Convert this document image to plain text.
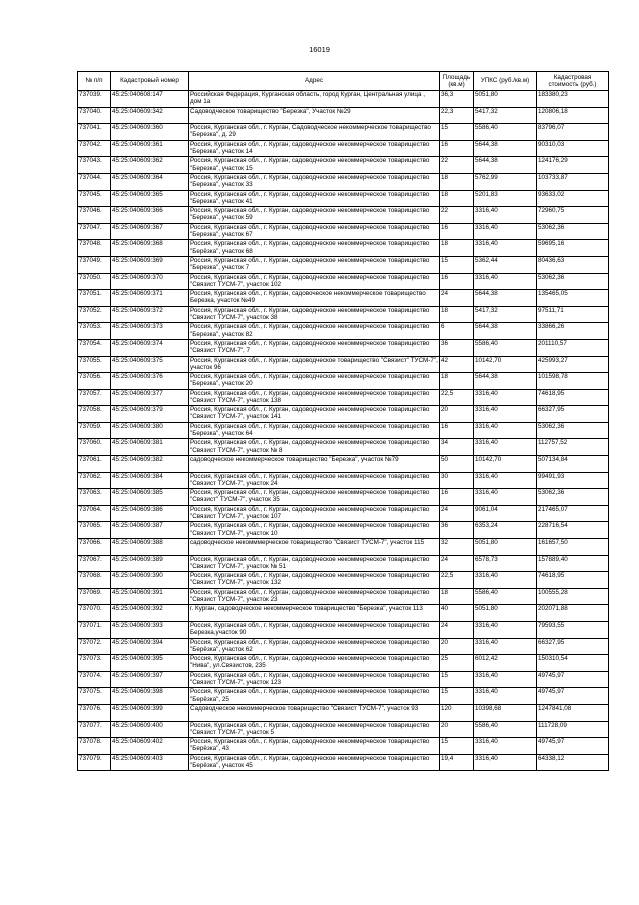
16019
№ п/п	Кадастровый номер	Адрес	Площадь (кв.м)	УПКС (руб./кв.м)	Кадастровая стоимость (руб.)
737039.	45:25:040608:147	Российская Федерация, Курганская область, город Курган, Центральная улица , дом 1а	36,3	5051,80	183380,23
737040.	45:25:040609:342	Садоводческое товарищество "Березка", Участок №29	22,3	5417,32	120806,18
737041.	45:25:040609:360	Россия, Курганская обл., г. Курган, Садоводческое некоммерческое товарищество "Березка", д. 29	15	5586,40	83796,07
737042.	45:25:040609:361	Россия, Курганская обл., г. Курган, садоводческое некоммерческое товарищество "Березка", участок 14	16	5644,38	90310,03
737043.	45:25:040609:362	Россия, Курганская обл., г. Курган, садоводческое некоммерческое товарищество "Березка", участок 15	22	5644,38	124176,29
737044.	45:25:040609:364	Россия, Курганская обл., г. Курган, садоводческое некоммерческое товарищество "Березка", участок 33	18	5762,99	103733,87
737045.	45:25:040609:365	Россия, Курганская обл., г. Курган, садоводческое некоммерческое товарищество "Березка", участок 41	18	5201,83	93633,02
737046.	45:25:040609:366	Россия, Курганская обл., г. Курган, садоводческое некоммерческое товарищество "Березка", участок 59	22	3316,40	72960,75
737047.	45:25:040609:367	Россия, Курганская обл., г. Курган, садоводческое некоммерческое товарищество "Березка", участок 67	16	3316,40	53062,36
737048.	45:25:040609:368	Россия, Курганская обл., г. Курган, садоводческое некоммерческое товарищество "Берёзка", участок 68	18	3316,40	59695,16
737049.	45:25:040609:369	Россия, Курганская обл., г. Курган, садоводческое некоммерческое товарищество "Березка", участок 7	15	5362,44	80436,63
737050.	45:25:040609:370	Россия, Курганская обл., г. Курган, садоводческое некоммерческое товарищество "Связист ТУСМ-7", участок 102	16	3316,40	53062,36
737051.	45:25:040609:371	Россия, Курганская обл., г. Курган, садовоческое некоммерческое товарищество Березка, участок №49	24	5644,38	135465,05
737052.	45:25:040609:372	Россия, Курганская обл., г. Курган, садоводческое некоммерческое товарищество "Связист ТУСМ-7", участок 38	18	5417,32	97511,71
737053.	45:25:040609:373	Россия, Курганская обл., г. Курган, садоводческое некоммерческое товарищество "Березка", участок 82	6	5644,38	33866,26
737054.	45:25:040609:374	Россия, Курганская обл., г. Курган, садоводческое некоммерческое товарищество "Связист ТУСМ-7", 7	36	5586,40	201110,57
737055.	45:25:040609:375	Россия, Курганская обл., г. Курган, садоводческое товарищество "Связист" ТУСМ-7", участок 96	42	10142,70	425993,27
737056.	45:25:040609:376	Россия, Курганская обл., г. Курган, садоводческое некоммерческое товарищество "Березка", участок 20	18	5644,38	101598,78
737057.	45:25:040609:377	Россия, Курганская обл., г. Курган, садоводческое некоммерческое товарищество "Связист ТУСМ-7", участок 138	22,5	3316,40	74618,95
737058.	45:25:040609:379	Россия, Курганская обл., г. Курган, садоводческое некоммерческое товарищество "Связист ТУСМ-7", участок 141	20	3316,40	66327,95
737059.	45:25:040609:380	Россия, Курганская обл., г. Курган, садоводческое некоммерческое товарищество "Березка", участок 64	16	3316,40	53062,36
737060.	45:25:040609:381	Россия, Курганская обл., г. Курган, садоводческое некоммерческое товарищество "Связист ТУСМ-7", участок № 8	34	3316,40	112757,52
737061.	45:25:040609:382	садоводческое некоммерческое товарищество "Березка", участок №79	50	10142,70	507134,84
737062.	45:25:040609:384	Россия, Курганская обл., г. Курган, садоводческое некоммерческое товарищество "Связист ТУСМ-7", участок 24	30	3316,40	99491,93
737063.	45:25:040609:385	Россия, Курганская обл., г. Курган, садоводческое некоммерческое товарищество "Связист" ТУСМ-7", участок 35	16	3316,40	53062,36
737064.	45:25:040609:386	Россия, Курганская обл., г. Курган, садоводческое некоммерческое товарищество "Связист ТУСМ-7", участок 107	24	9061,04	217465,07
737065.	45:25:040609:387	Россия, Курганская обл., г. Курган, садоводческое некоммерческое товарищество "Связист ТУСМ-7", участок 10	36	6353,24	228716,54
737066.	45:25:040609:388	садоводческое некомммерческое товарищество "Связист ТУСМ-7", участок 115	32	5051,80	161657,50
737067.	45:25:040609:389	Россия, Курганская обл., г. Курган, садоводческое некоммерческое товарищество "Связист ТУСМ-7", участок № 51	24	6578,73	157889,40
737068.	45:25:040609:390	Россия, Курганская обл., г. Курган, садоводческое некоммерческое товарищество "Связист ТУСМ-7", участок 132	22,5	3316,40	74618,95
737069.	45:25:040609:391	Россия, Курганская обл., г. Курган, садоводческое некоммерческое товарищество "Связист ТУСМ-7", участок 23	18	5586,40	100555,28
737070.	45:25:040609:392	г. Курган, садоводческое некоммерческое товарищество "Березка", участок 113	40	5051,80	202071,88
737071.	45:25:040609:393	Россия, Курганская обл., г. Курган, садоводческое некоммерческое товарищество Березка,участок 90	24	3316,40	79593,55
737072.	45:25:040609:394	Россия, Курганская обл., г. Курган, садоводческое некоммерческое товарищество "Берёзка", участок 62	20	3316,40	66327,95
737073.	45:25:040609:395	Россия, Курганская обл., г. Курган, садоводческое некоммерческое товарищество "Нива", ул.Связистов, 235	25	6012,42	150310,54
737074.	45:25:040609:397	Россия, Курганская обл., г. Курган, садоводческое некоммерческое товарищество "Связист ТУСМ-7", участок 123	15	3316,40	49745,97
737075.	45:25:040609:398	Россия, Курганская обл., г. Курган, садоводческое некоммерческое товарищество "Берёзка", 25	15	3316,40	49745,97
737076.	45:25:040609:399	Садоводческое некоммерческое товарищество "Связист ТУСМ-7", участок 93	120	10398,68	1247841,08
737077.	45:25:040609:400	Россия, Курганская обл., г. Курган, садоводческое некоммерческое товарищество "Связист ТУСМ-7", участок 5	20	5586,40	111728,09
737078.	45:25:040609:402	Россия, Курганская обл., г. Курган, садоводческое некоммерческое товарищество "Берёзка", 43	15	3316,40	49745,97
737079.	45:25:040609:403	Россия, Курганская обл., г. Курган, садоводческое некоммерческое товарищество "Берёзка", участок 45	19,4	3316,40	64338,12
